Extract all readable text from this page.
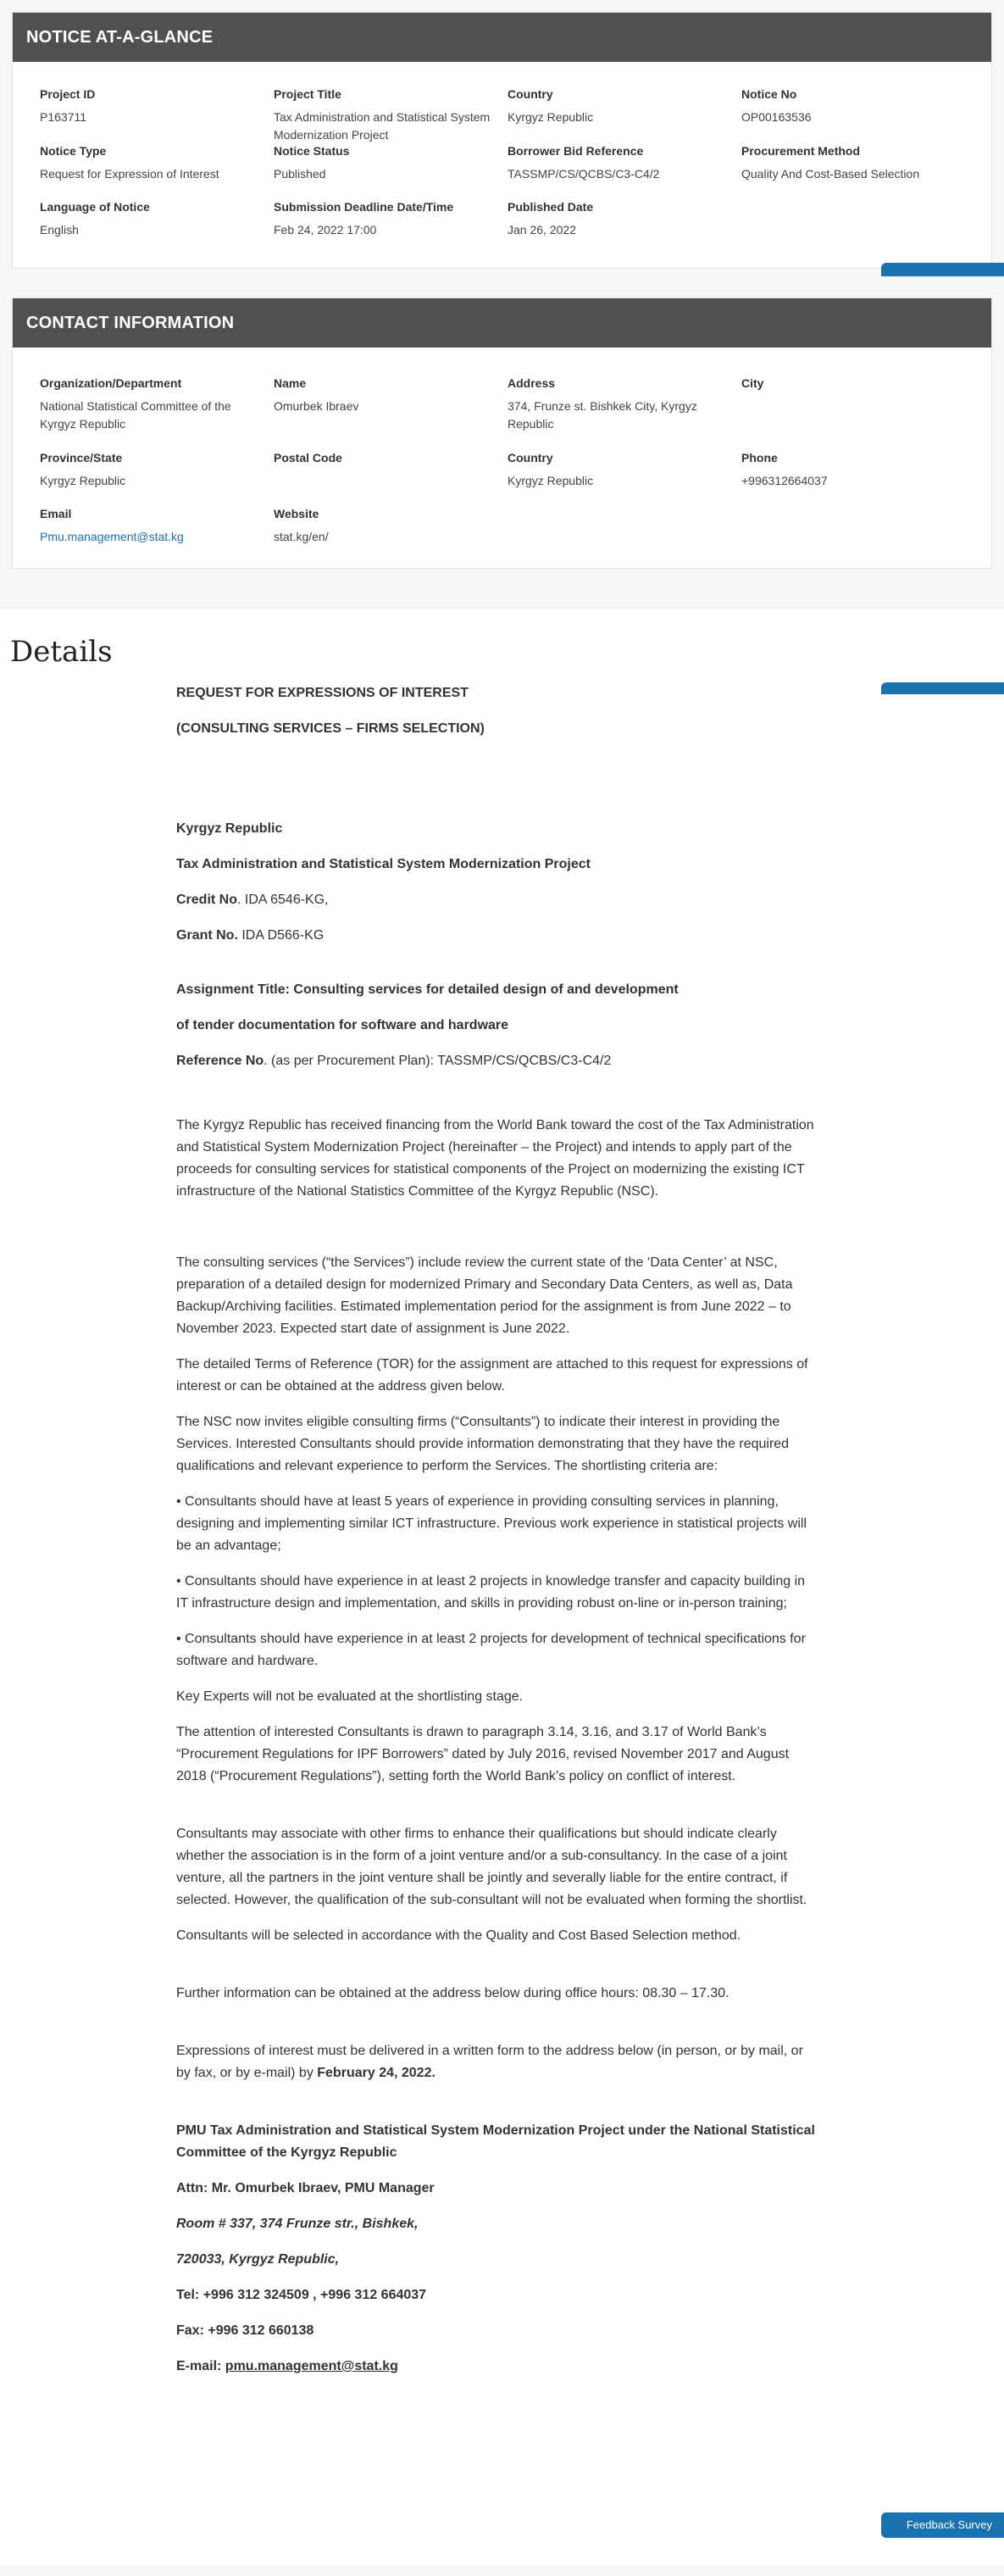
NOTICE AT-A-GLANCE
Project ID
P163711
Project Title
Tax Administration and Statistical System Modernization Project
Country
Kyrgyz Republic
Notice No
OP00163536
Notice Type
Request for Expression of Interest
Notice Status
Published
Borrower Bid Reference
TASSMP/CS/QCBS/C3-C4/2
Procurement Method
Quality And Cost-Based Selection
Language of Notice
English
Submission Deadline Date/Time
Feb 24, 2022 17:00
Published Date
Jan 26, 2022
CONTACT INFORMATION
Organization/Department
National Statistical Committee of the Kyrgyz Republic
Name
Omurbek Ibraev
Address
374, Frunze st. Bishkek City, Kyrgyz Republic
City
Province/State
Kyrgyz Republic
Postal Code	Country
Kyrgyz Republic
Phone
+996312664037
Email
Pmu.management@stat.kg
Website
stat.kg/en/
Details

REQUEST FOR EXPRESSIONS OF INTEREST

(CONSULTING SERVICES – FIRMS SELECTION)

Kyrgyz Republic

Tax Administration and Statistical System Modernization Project

Credit No. IDA 6546-KG,

Grant No. IDA D566-KG

Assignment Title: Consulting services for detailed design of and development

of tender documentation for software and hardware

Reference No. (as per Procurement Plan): TASSMP/CS/QCBS/C3-C4/2

The Kyrgyz Republic has received financing from the World Bank toward the cost of the Tax Administration and Statistical System Modernization Project (hereinafter – the Project) and intends to apply part of the proceeds for consulting services for statistical components of the Project on modernizing the existing ICT infrastructure of the National Statistics Committee of the Kyrgyz Republic (NSC).

The consulting services (“the Services”) include review the current state of the ‘Data Center’ at NSC, preparation of a detailed design for modernized Primary and Secondary Data Centers, as well as, Data Backup/Archiving facilities. Estimated implementation period for the assignment is from June 2022 – to November 2023. Expected start date of assignment is June 2022.

The detailed Terms of Reference (TOR) for the assignment are attached to this request for expressions of interest or can be obtained at the address given below.

The NSC now invites eligible consulting firms (“Consultants”) to indicate their interest in providing the Services. Interested Consultants should provide information demonstrating that they have the required qualifications and relevant experience to perform the Services. The shortlisting criteria are:

• Consultants should have at least 5 years of experience in providing consulting services in planning, designing and implementing similar ICT infrastructure. Previous work experience in statistical projects will be an advantage;

• Consultants should have experience in at least 2 projects in knowledge transfer and capacity building in IT infrastructure design and implementation, and skills in providing robust on-line or in-person training;

• Consultants should have experience in at least 2 projects for development of technical specifications for software and hardware.

Key Experts will not be evaluated at the shortlisting stage.

The attention of interested Consultants is drawn to paragraph 3.14, 3.16, and 3.17 of World Bank’s “Procurement Regulations for IPF Borrowers” dated by July 2016, revised November 2017 and August 2018 (“Procurement Regulations”), setting forth the World Bank’s policy on conflict of interest.

Consultants may associate with other firms to enhance their qualifications but should indicate clearly whether the association is in the form of a joint venture and/or a sub-consultancy. In the case of a joint venture, all the partners in the joint venture shall be jointly and severally liable for the entire contract, if selected. However, the qualification of the sub-consultant will not be evaluated when forming the shortlist.

Consultants will be selected in accordance with the Quality and Cost Based Selection method.

Further information can be obtained at the address below during office hours: 08.30 – 17.30.

Expressions of interest must be delivered in a written form to the address below (in person, or by mail, or by fax, or by e-mail) by February 24, 2022.

PMU Tax Administration and Statistical System Modernization Project under the National Statistical Committee of the Kyrgyz Republic

Attn: Mr. Omurbek Ibraev, PMU Manager

Room # 337, 374 Frunze str., Bishkek,

720033, Kyrgyz Republic,

Tel: +996 312 324509 , +996 312 664037

Fax: +996 312 660138

E-mail: pmu.management@stat.kg

Feedback Survey
